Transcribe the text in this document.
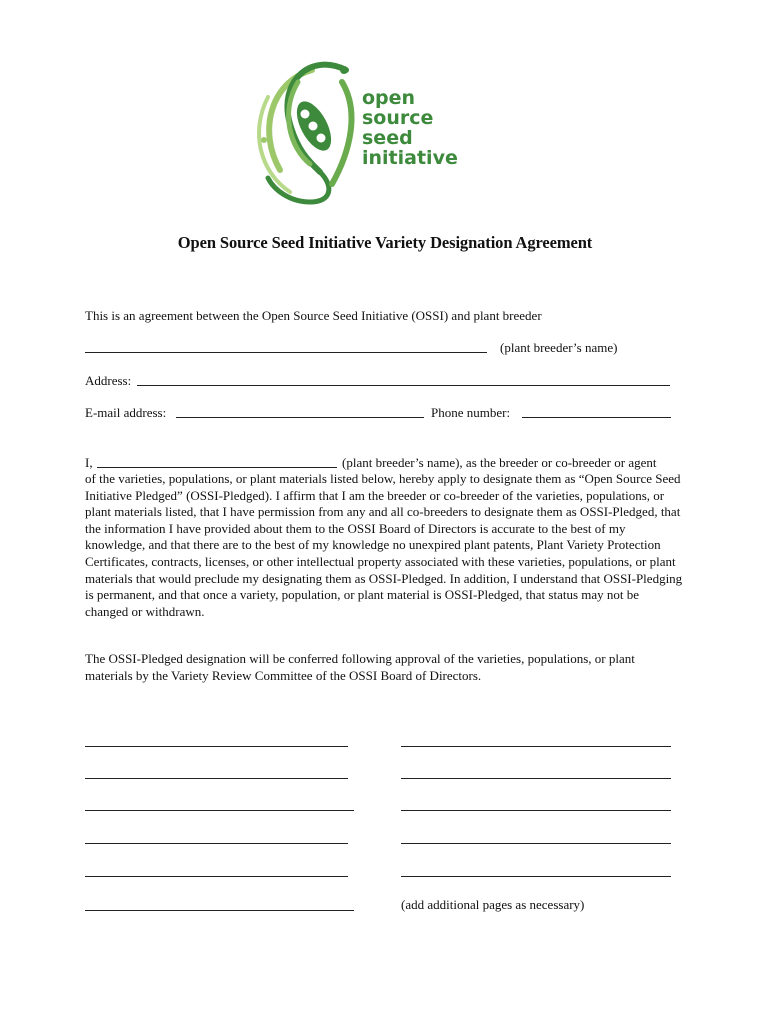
open
source
seed
initiative
Open Source Seed Initiative Variety Designation Agreement
This is an agreement between the Open Source Seed Initiative (OSSI) and plant breeder
(plant breeder’s name)
Address:
E-mail address:	Phone number:
I,	(plant breeder’s name), as the breeder or co-breeder or agent
of the varieties, populations, or plant materials listed below, hereby apply to designate them as “Open Source Seed Initiative Pledged” (OSSI-Pledged). I affirm that I am the breeder or co-breeder of the varieties, populations, or plant materials listed, that I have permission from any and all co-breeders to designate them as OSSI-Pledged, that the information I have provided about them to the OSSI Board of Directors is accurate to the best of my knowledge, and that there are to the best of my knowledge no unexpired plant patents, Plant Variety Protection Certificates, contracts, licenses, or other intellectual property associated with these varieties, populations, or plant materials that would preclude my designating them as OSSI-Pledged. In addition, I understand that OSSI-Pledging is permanent, and that once a variety, population, or plant material is OSSI-Pledged, that status may not be changed or withdrawn.
The OSSI-Pledged designation will be conferred following approval of the varieties, populations, or plant materials by the Variety Review Committee of the OSSI Board of Directors.
(add additional pages as necessary)
